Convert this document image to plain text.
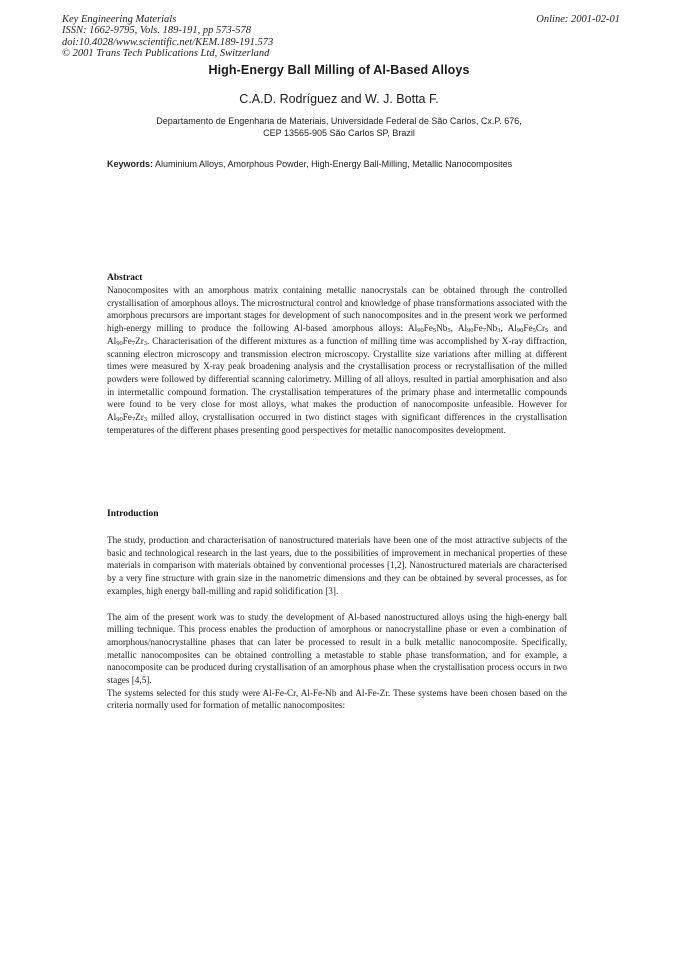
Key Engineering Materials
ISSN: 1662-9795, Vols. 189-191, pp 573-578
doi:10.4028/www.scientific.net/KEM.189-191.573
© 2001 Trans Tech Publications Ltd, Switzerland
Online: 2001-02-01
High-Energy Ball Milling of Al-Based Alloys
C.A.D. Rodríguez and W. J. Botta F.
Departamento de Engenharia de Materiais, Universidade Federal de São Carlos, Cx.P. 676,
CEP 13565-905 São Carlos SP, Brazil
Keywords: Aluminium Alloys, Amorphous Powder, High-Energy Ball-Milling, Metallic Nanocomposites
Abstract

Nanocomposites with an amorphous matrix containing metallic nanocrystals can be obtained through the controlled crystallisation of amorphous alloys. The microstructural control and knowledge of phase transformations associated with the amorphous precursors are important stages for development of such nanocomposites and in the present work we performed high-energy milling to produce the following Al-based amorphous alloys: $Al_{90}Fe_5Nb_5$, $Al_{90}Fe_7Nb_3$, $Al_{90}Fe_5Cr_5$ and $Al_{90}Fe_7Zr_3$. Characterisation of the different mixtures as a function of milling time was accomplished by X-ray diffraction, scanning electron microscopy and transmission electron microscopy. Crystallite size variations after milling at different times were measured by X-ray peak broadening analysis and the crystallisation process or recrystallisation of the milled powders were followed by differential scanning calorimetry. Milling of all alloys, resulted in partial amorphisation and also in intermetallic compound formation. The crystallisation temperatures of the primary phase and intermetallic compounds were found to be very close for most alloys, what makes the production of nanocomposite unfeasible. However for $Al_{90}Fe_7Zr_3$ milled alloy, crystallisation occurred in two distinct stages with significant differences in the crystallisation temperatures of the different phases presenting good perspectives for metallic nanocomposites development.

Introduction

The study, production and characterisation of nanostructured materials have been one of the most attractive subjects of the basic and technological research in the last years, due to the possibilities of improvement in mechanical properties of these materials in comparison with materials obtained by conventional processes [1,2]. Nanostructured materials are characterised by a very fine structure with grain size in the nanometric dimensions and they can be obtained by several processes, as for examples, high energy ball-milling and rapid solidification [3].

The aim of the present work was to study the development of Al-based nanostructured alloys using the high-energy ball milling technique. This process enables the production of amorphous or nanocrystalline phase or even a combination of amorphous/nanocrystalline phases that can later be processed to result in a bulk metallic nanocomposite. Specifically, metallic nanocomposites can be obtained controlling a metastable to stable phase transformation, and for example, a nanocomposite can be produced during crystallisation of an amorphous phase when the crystallisation process occurs in two stages [4,5].

The systems selected for this study were Al-Fe-Cr, Al-Fe-Nb and Al-Fe-Zr. These systems have been chosen based on the criteria normally used for formation of metallic nanocomposites:
